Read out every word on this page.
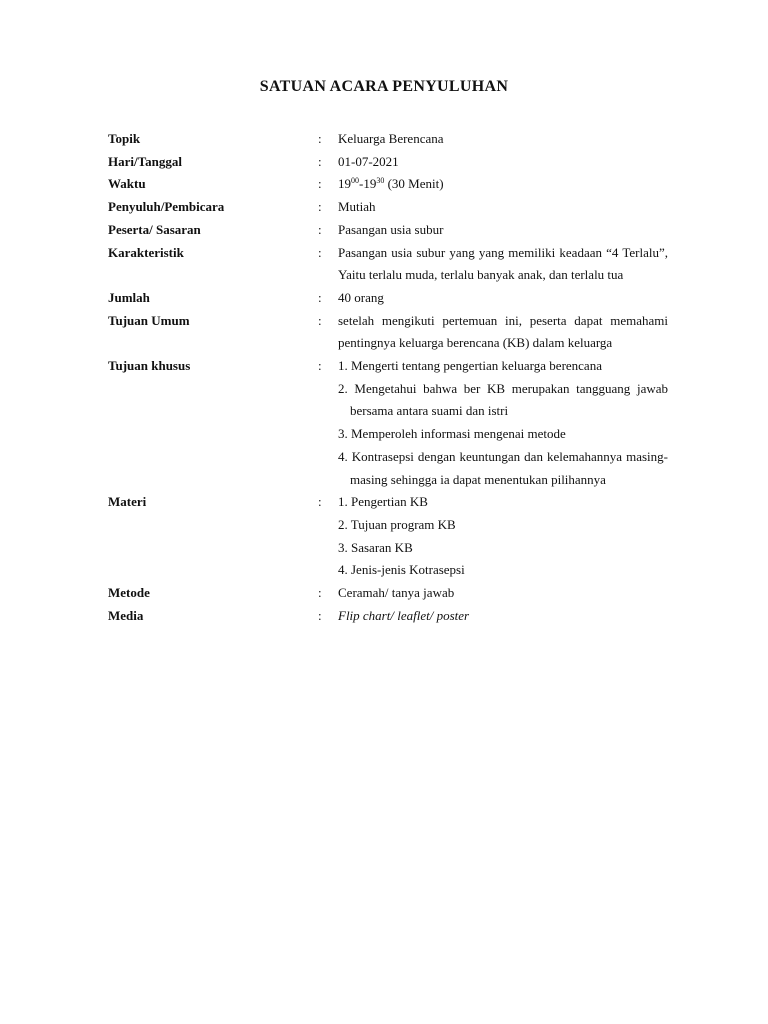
SATUAN ACARA PENYULUHAN
Topik	:	Keluarga Berencana
Hari/Tanggal	:	01-07-2021
Waktu	:	$19^{00}-19^{30}$ (30 Menit)
Penyuluh/Pembicara	:	Mutiah
Peserta/ Sasaran	:	Pasangan usia subur
Karakteristik	:	Pasangan usia subur yang yang memiliki keadaan “4 Terlalu”, Yaitu terlalu muda, terlalu banyak anak, dan terlalu tua
Jumlah	:	40 orang
Tujuan Umum	:	setelah mengikuti pertemuan ini, peserta dapat memahami pentingnya keluarga berencana (KB) dalam keluarga
Tujuan khusus	:	1. Mengerti tentang pengertian keluarga berencana
2. Mengetahui bahwa ber KB merupakan tangguang jawab bersama antara suami dan istri
3. Memperoleh informasi mengenai metode
4. Kontrasepsi dengan keuntungan dan kelemahannya masing-masing sehingga ia dapat menentukan pilihannya
Materi	:	1. Pengertian KB
2. Tujuan program KB
3. Sasaran KB
4. Jenis-jenis Kotrasepsi
Metode	:	Ceramah/ tanya jawab
Media	:	Flip chart/ leaflet/ poster
